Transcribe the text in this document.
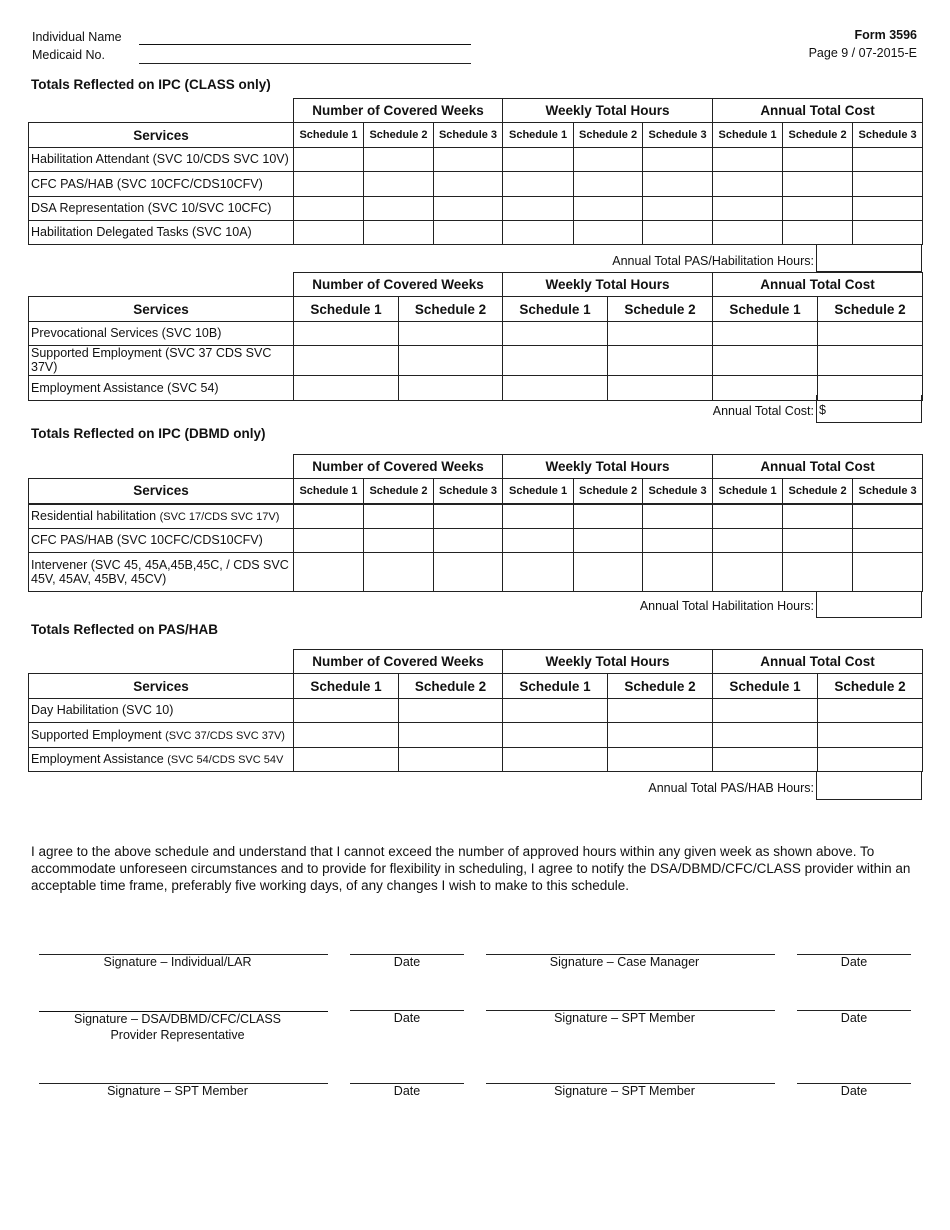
Individual Name
Medicaid No.
Form 3596
Page 9 / 07-2015-E
Totals Reflected on IPC (CLASS only)
	Number of Covered Weeks			Weekly Total Hours			Annual Total Cost		
Services	Schedule 1	Schedule 2	Schedule 3	Schedule 1	Schedule 2	Schedule 3	Schedule 1	Schedule 2	Schedule 3
Habilitation Attendant (SVC 10/CDS SVC 10V)									
CFC PAS/HAB (SVC 10CFC/CDS10CFV)									
DSA Representation (SVC 10/SVC 10CFC)									
Habilitation Delegated Tasks (SVC 10A)									
Annual Total PAS/Habilitation Hours:
	Number of Covered Weeks		Weekly Total Hours		Annual Total Cost	
Services	Schedule 1	Schedule 2	Schedule 1	Schedule 2	Schedule 1	Schedule 2
Prevocational Services (SVC 10B)						
Supported Employment (SVC 37 CDS SVC 37V)						
Employment Assistance (SVC 54)						
Annual Total Cost: $
Totals Reflected on IPC (DBMD only)
	Number of Covered Weeks			Weekly Total Hours			Annual Total Cost		
Services	Schedule 1	Schedule 2	Schedule 3	Schedule 1	Schedule 2	Schedule 3	Schedule 1	Schedule 2	Schedule 3
Residential habilitation (SVC 17/CDS SVC 17V)									
CFC PAS/HAB (SVC 10CFC/CDS10CFV)									
Intervener (SVC 45, 45A,45B,45C, / CDS SVC 45V, 45AV, 45BV, 45CV)									
Annual Total Habilitation Hours:
Totals Reflected on PAS/HAB
	Number of Covered Weeks		Weekly Total Hours		Annual Total Cost	
Services	Schedule 1	Schedule 2	Schedule 1	Schedule 2	Schedule 1	Schedule 2
Day Habilitation (SVC 10)						
Supported Employment (SVC 37/CDS SVC 37V)						
Employment Assistance (SVC 54/CDS SVC 54V						
Annual Total PAS/HAB Hours:
I agree to the above schedule and understand that I cannot exceed the number of approved hours within any given week as shown above. To accommodate unforeseen circumstances and to provide for flexibility in scheduling, I agree to notify the DSA/DBMD/CFC/CLASS provider within an acceptable time frame, preferably five working days, of any changes I wish to make to this schedule.
Signature – Individual/LAR	Date	Signature – Case Manager	Date
Signature – DSA/DBMD/CFC/CLASS
Provider Representative
Date	Signature – SPT Member	Date
Signature – SPT Member	Date	Signature – SPT Member	Date
